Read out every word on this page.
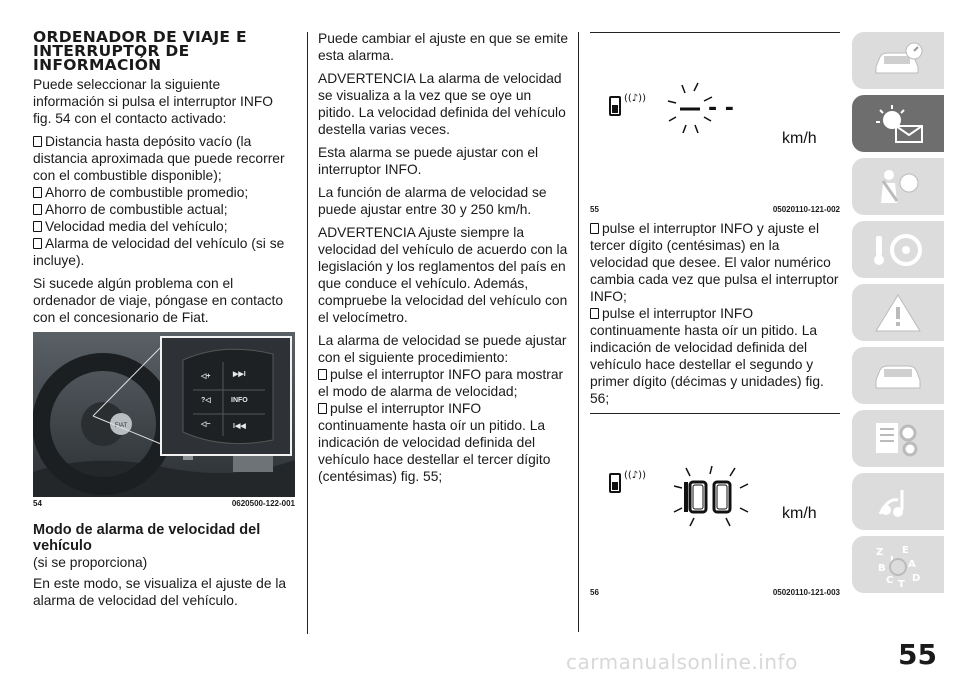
ORDENADOR DE VIAJE E INTERRUPTOR DE INFORMACIÓN

Puede seleccionar la siguiente información si pulsa el interruptor INFO fig. 54 con el contacto activado:

Distancia hasta depósito vacío (la distancia aproximada que puede recorrer con el combustible disponible);
Ahorro de combustible promedio;
Ahorro de combustible actual;
Velocidad media del vehículo;
Alarma de velocidad del vehículo (si se incluye).

Si sucede algún problema con el ordenador de viaje, póngase en contacto con el concesionario de Fiat.

FIAT
◁+	▶▶I
?◁	INFO
◁−	I◀◀
54	0620500-122-001
Modo de alarma de velocidad del vehículo

(si se proporciona)

En este modo, se visualiza el ajuste de la alarma de velocidad del vehículo.

Puede cambiar el ajuste en que se emite esta alarma.

ADVERTENCIA La alarma de velocidad se visualiza a la vez que se oye un pitido. La velocidad definida del vehículo destella varias veces.

Esta alarma se puede ajustar con el interruptor INFO.

La función de alarma de velocidad se puede ajustar entre 30 y 250 km/h.

ADVERTENCIA Ajuste siempre la velocidad del vehículo de acuerdo con la legislación y los reglamentos del país en que conduce el vehículo. Además, compruebe la velocidad del vehículo con el velocímetro.

La alarma de velocidad se puede ajustar con el siguiente procedimiento:

pulse el interruptor INFO para mostrar el modo de alarma de velocidad;
pulse el interruptor INFO continuamente hasta oír un pitido. La indicación de velocidad definida del vehículo hace destellar el tercer dígito (centésimas) fig. 55;
((♪))	- -
km/h
55	05020110-121-002
pulse el interruptor INFO y ajuste el tercer dígito (centésimas) en la velocidad que desee. El valor numérico cambia cada vez que pulsa el interruptor INFO;
pulse el interruptor INFO continuamente hasta oír un pitido. La indicación de velocidad definida del vehículo hace destellar el segundo y primer dígito (décimas y unidades) fig. 56;
((♪))
km/h
56	05020110-121-003
Z E
B A
C D
T
I
55
carmanualsonline.info
